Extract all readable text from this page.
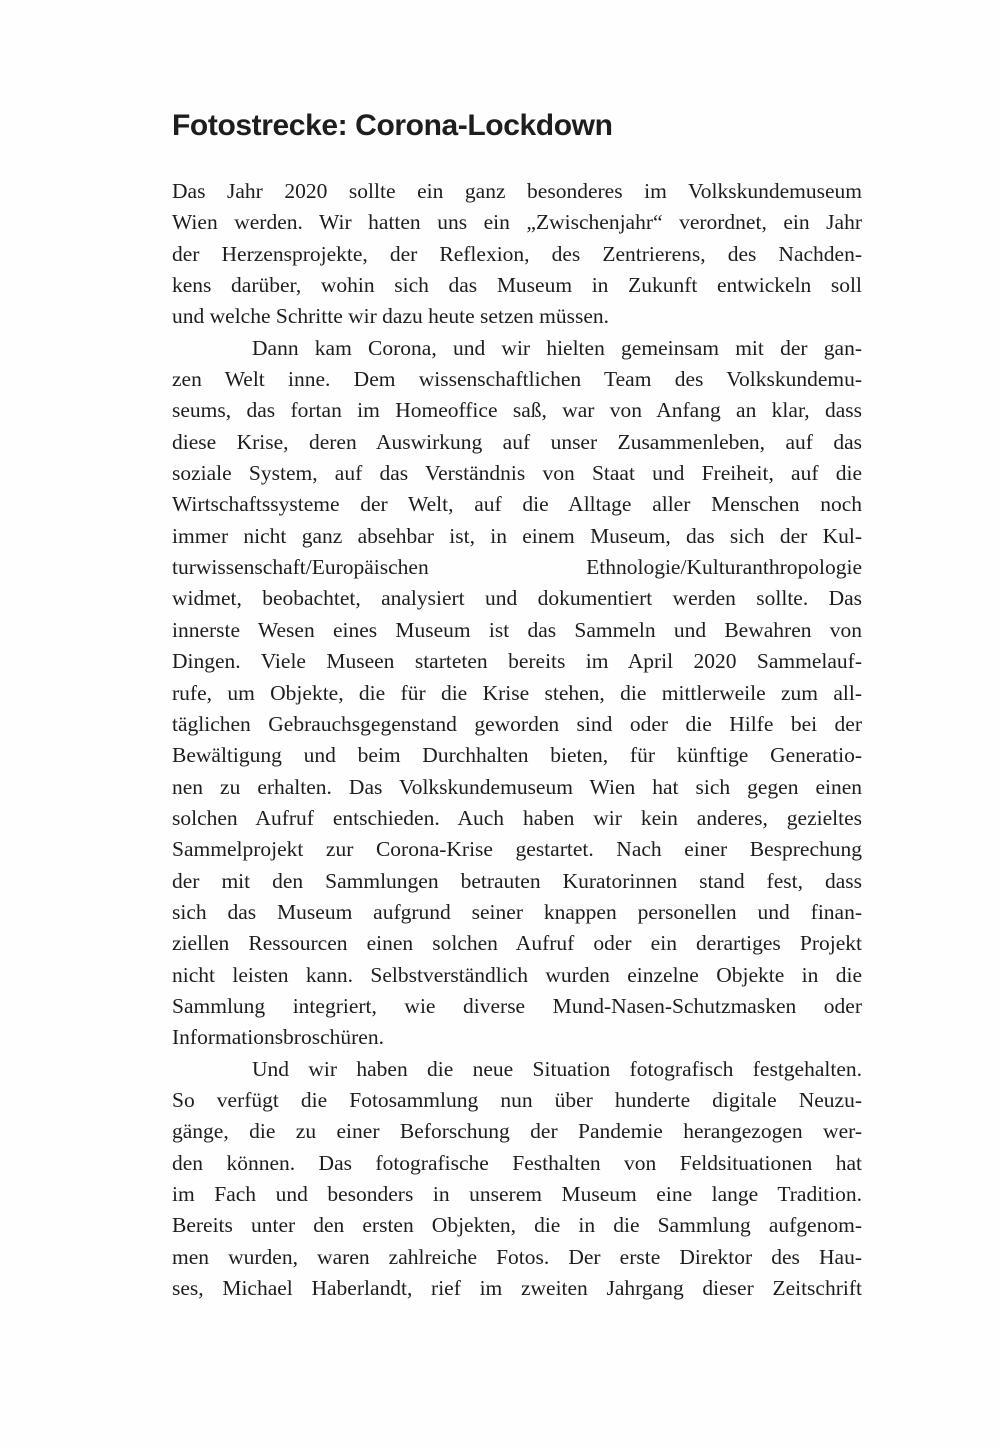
Fotostrecke: Corona-Lockdown
Das Jahr 2020 sollte ein ganz besonderes im Volkskundemuseum
Wien werden. Wir hatten uns ein „Zwischenjahr“ verordnet, ein Jahr
der Herzensprojekte, der Reflexion, des Zentrierens, des Nachden-
kens darüber, wohin sich das Museum in Zukunft entwickeln soll
und welche Schritte wir dazu heute setzen müssen.
Dann kam Corona, und wir hielten gemeinsam mit der gan-
zen Welt inne. Dem wissenschaftlichen Team des Volkskundemu-
seums, das fortan im Homeoffice saß, war von Anfang an klar, dass
diese Krise, deren Auswirkung auf unser Zusammenleben, auf das
soziale System, auf das Verständnis von Staat und Freiheit, auf die
Wirtschaftssysteme der Welt, auf die Alltage aller Menschen noch
immer nicht ganz absehbar ist, in einem Museum, das sich der Kul-
turwissenschaft/Europäischen Ethnologie/Kulturanthropologie
widmet, beobachtet, analysiert und dokumentiert werden sollte. Das
innerste Wesen eines Museum ist das Sammeln und Bewahren von
Dingen. Viele Museen starteten bereits im April 2020 Sammelauf-
rufe, um Objekte, die für die Krise stehen, die mittlerweile zum all-
täglichen Gebrauchsgegenstand geworden sind oder die Hilfe bei der
Bewältigung und beim Durchhalten bieten, für künftige Generatio-
nen zu erhalten. Das Volkskundemuseum Wien hat sich gegen einen
solchen Aufruf entschieden. Auch haben wir kein anderes, gezieltes
Sammelprojekt zur Corona-Krise gestartet. Nach einer Besprechung
der mit den Sammlungen betrauten Kuratorinnen stand fest, dass
sich das Museum aufgrund seiner knappen personellen und finan-
ziellen Ressourcen einen solchen Aufruf oder ein derartiges Projekt
nicht leisten kann. Selbstverständlich wurden einzelne Objekte in die
Sammlung integriert, wie diverse Mund-Nasen-Schutzmasken oder
Informationsbroschüren.
Und wir haben die neue Situation fotografisch festgehalten.
So verfügt die Fotosammlung nun über hunderte digitale Neuzu-
gänge, die zu einer Beforschung der Pandemie herangezogen wer-
den können. Das fotografische Festhalten von Feldsituationen hat
im Fach und besonders in unserem Museum eine lange Tradition.
Bereits unter den ersten Objekten, die in die Sammlung aufgenom-
men wurden, waren zahlreiche Fotos. Der erste Direktor des Hau-
ses, Michael Haberlandt, rief im zweiten Jahrgang dieser Zeitschrift
